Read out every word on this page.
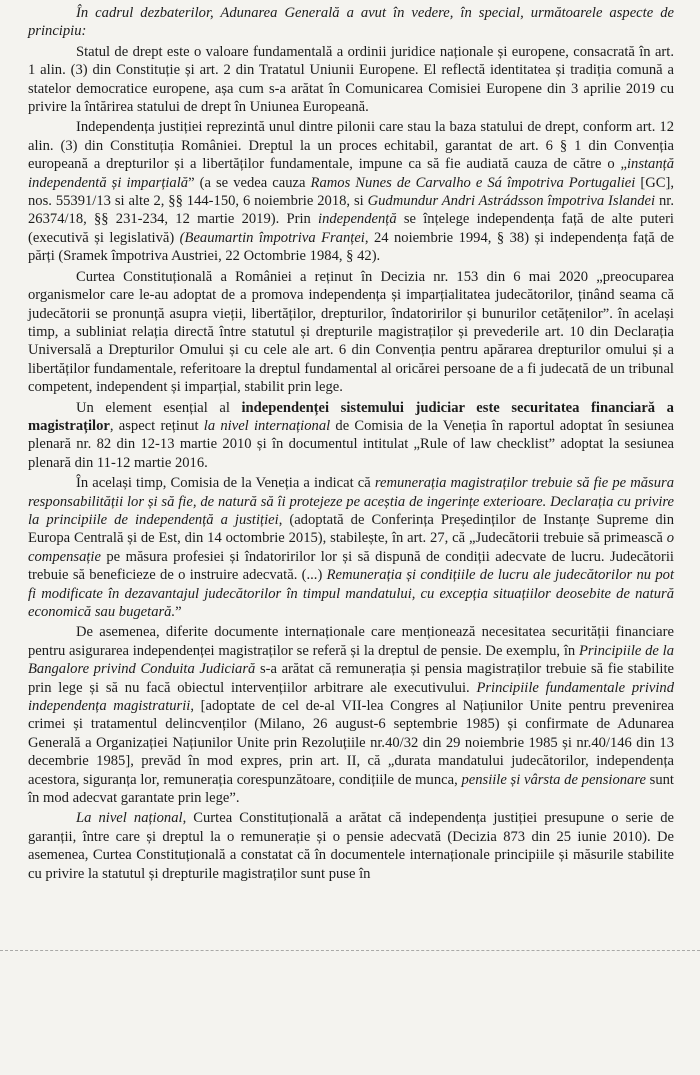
În cadrul dezbaterilor, Adunarea Generală a avut în vedere, în special, următoarele aspecte de principiu:

Statul de drept este o valoare fundamentală a ordinii juridice naționale și europene, consacrată în art. 1 alin. (3) din Constituție și art. 2 din Tratatul Uniunii Europene. El reflectă identitatea și tradiția comună a statelor democratice europene, așa cum s-a arătat în Comunicarea Comisiei Europene din 3 aprilie 2019 cu privire la întărirea statului de drept în Uniunea Europeană.

Independența justiției reprezintă unul dintre pilonii care stau la baza statului de drept, conform art. 12 alin. (3) din Constituția României. Dreptul la un proces echitabil, garantat de art. 6 § 1 din Convenția europeană a drepturilor și a libertăților fundamentale, impune ca să fie audiată cauza de către o „instanță independentă și imparțială” (a se vedea cauza Ramos Nunes de Carvalho e Sá împotriva Portugaliei [GC], nos. 55391/13 si alte 2, §§ 144-150, 6 noiembrie 2018, si Gudmundur Andri Astrádsson împotriva Islandei nr. 26374/18, §§ 231-234, 12 martie 2019). Prin independență se înțelege independența față de alte puteri (executivă și legislativă) (Beaumartin împotriva Franței, 24 noiembrie 1994, § 38) și independența față de părți (Sramek împotriva Austriei, 22 Octombrie 1984, § 42).

Curtea Constituțională a României a reținut în Decizia nr. 153 din 6 mai 2020 „preocuparea organismelor care le-au adoptat de a promova independența și imparțialitatea judecătorilor, ținând seama că judecătorii se pronunță asupra vieții, libertăților, drepturilor, îndatoririlor și bunurilor cetățenilor”. în același timp, a subliniat relația directă între statutul și drepturile magistraților și prevederile art. 10 din Declarația Universală a Drepturilor Omului și cu cele ale art. 6 din Convenția pentru apărarea drepturilor omului și a libertăților fundamentale, referitoare la dreptul fundamental al oricărei persoane de a fi judecată de un tribunal competent, independent și imparțial, stabilit prin lege.

Un element esențial al independenței sistemului judiciar este securitatea financiară a magistraților, aspect reținut la nivel internațional de Comisia de la Veneția în raportul adoptat în sesiunea plenară nr. 82 din 12-13 martie 2010 și în documentul intitulat „Rule of law checklist” adoptat la sesiunea plenară din 11-12 martie 2016.

În același timp, Comisia de la Veneția a indicat că remunerația magistraților trebuie să fie pe măsura responsabilității lor și să fie, de natură să îi protejeze pe aceștia de ingerințe exterioare. Declarația cu privire la principiile de independență a justiției, (adoptată de Conferința Președinților de Instanțe Supreme din Europa Centrală și de Est, din 14 octombrie 2015), stabilește, în art. 27, că „Judecătorii trebuie să primească o compensație pe măsura profesiei și îndatoririlor lor și să dispună de condiții adecvate de lucru. Judecătorii trebuie să beneficieze de o instruire adecvată. (...) Remunerația și condițiile de lucru ale judecătorilor nu pot fi modificate în dezavantajul judecătorilor în timpul mandatului, cu excepția situațiilor deosebite de natură economică sau bugetară.”

De asemenea, diferite documente internaționale care menționează necesitatea securității financiare pentru asigurarea independenței magistraților se referă și la dreptul de pensie. De exemplu, în Principiile de la Bangalore privind Conduita Judiciară s-a arătat că remunerația și pensia magistraților trebuie să fie stabilite prin lege și să nu facă obiectul intervențiilor arbitrare ale executivului. Principiile fundamentale privind independența magistraturii, [adoptate de cel de-al VII-lea Congres al Națiunilor Unite pentru prevenirea crimei și tratamentul delincvenților (Milano, 26 august-6 septembrie 1985) și confirmate de Adunarea Generală a Organizației Națiunilor Unite prin Rezoluțiile nr.40/32 din 29 noiembrie 1985 și nr.40/146 din 13 decembrie 1985], prevăd în mod expres, prin art. II, că „durata mandatului judecătorilor, independența acestora, siguranța lor, remunerația corespunzătoare, condițiile de munca, pensiile și vârsta de pensionare sunt în mod adecvat garantate prin lege”.

La nivel național, Curtea Constituțională a arătat că independența justiției presupune o serie de garanții, între care și dreptul la o remunerație și o pensie adecvată (Decizia 873 din 25 iunie 2010). De asemenea, Curtea Constituțională a constatat că în documentele internaționale principiile și măsurile stabilite cu privire la statutul și drepturile magistraților sunt puse în
